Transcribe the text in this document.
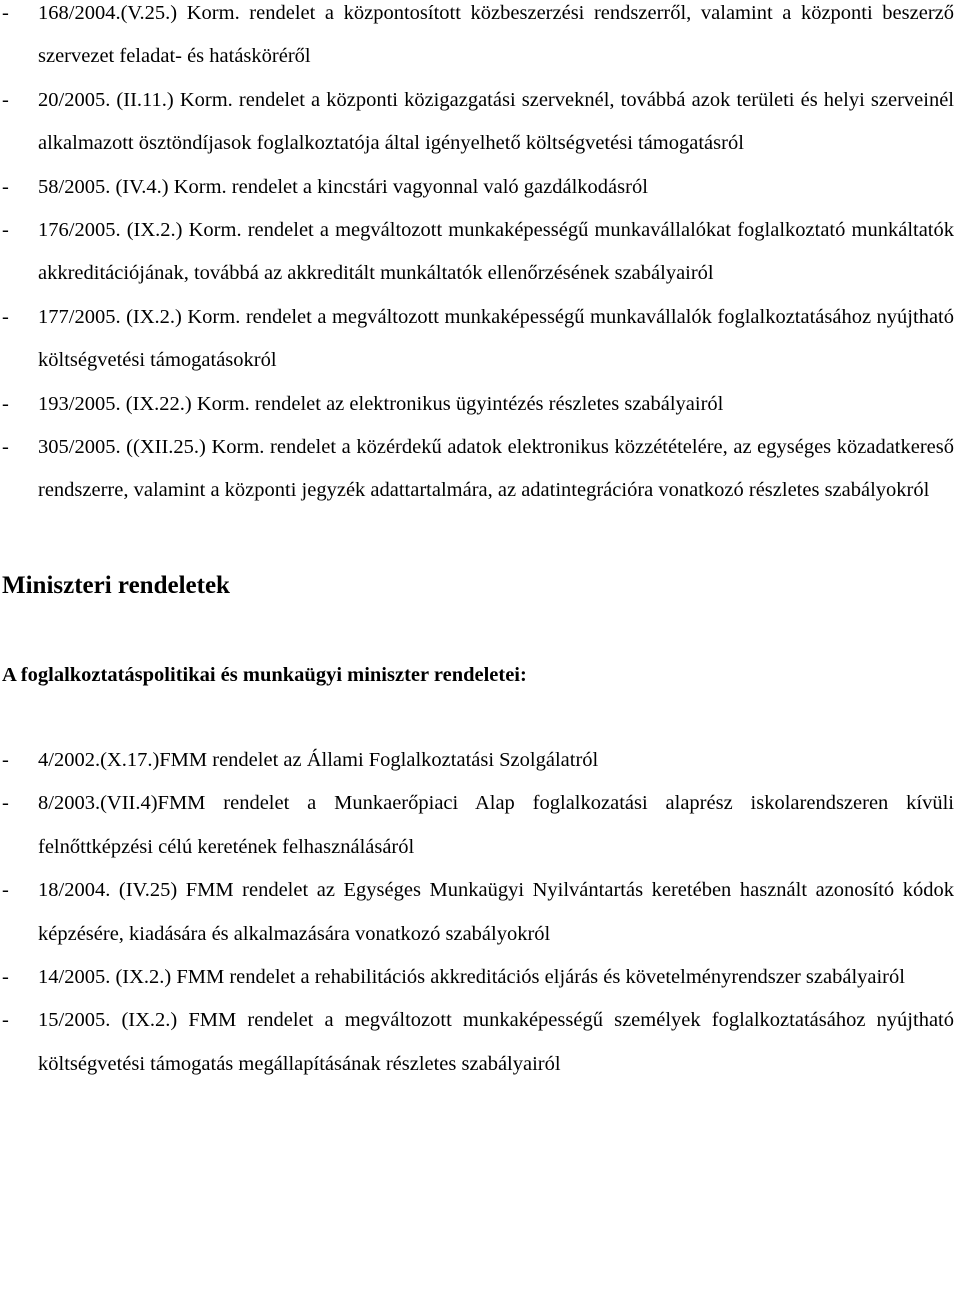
- 168/2004.(V.25.) Korm. rendelet a központosított közbeszerzési rendszerről, valamint a központi beszerző szervezet feladat- és hatásköréről
- 20/2005. (II.11.) Korm. rendelet a központi közigazgatási szerveknél, továbbá azok területi és helyi szerveinél alkalmazott ösztöndíjasok foglalkoztatója által igényelhető költségvetési támogatásról
- 58/2005. (IV.4.) Korm. rendelet a kincstári vagyonnal való gazdálkodásról
- 176/2005. (IX.2.) Korm. rendelet a megváltozott munkaképességű munkavállalókat foglalkoztató munkáltatók akkreditációjának, továbbá az akkreditált munkáltatók ellenőrzésének szabályairól
- 177/2005. (IX.2.) Korm. rendelet a megváltozott munkaképességű munkavállalók foglalkoztatásához nyújtható költségvetési támogatásokról
- 193/2005. (IX.22.) Korm. rendelet az elektronikus ügyintézés részletes szabályairól
- 305/2005. ((XII.25.) Korm. rendelet a közérdekű adatok elektronikus közzétételére, az egységes közadatkereső rendszerre, valamint a központi jegyzék adattartalmára, az adatintegrációra vonatkozó részletes szabályokról
Miniszteri rendeletek
A foglalkoztatáspolitikai és munkaügyi miniszter rendeletei:
- 4/2002.(X.17.)FMM rendelet az Állami Foglalkoztatási Szolgálatról
- 8/2003.(VII.4)FMM rendelet a Munkaerőpiaci Alap foglalkozatási alaprész iskolarendszeren kívüli felnőttképzési célú keretének felhasználásáról
- 18/2004. (IV.25) FMM rendelet az Egységes Munkaügyi Nyilvántartás keretében használt azonosító kódok képzésére, kiadására és alkalmazására vonatkozó szabályokról
- 14/2005. (IX.2.) FMM rendelet a rehabilitációs akkreditációs eljárás és követelményrendszer szabályairól
- 15/2005. (IX.2.) FMM rendelet a megváltozott munkaképességű személyek foglalkoztatásához nyújtható költségvetési támogatás megállapításának részletes szabályairól
